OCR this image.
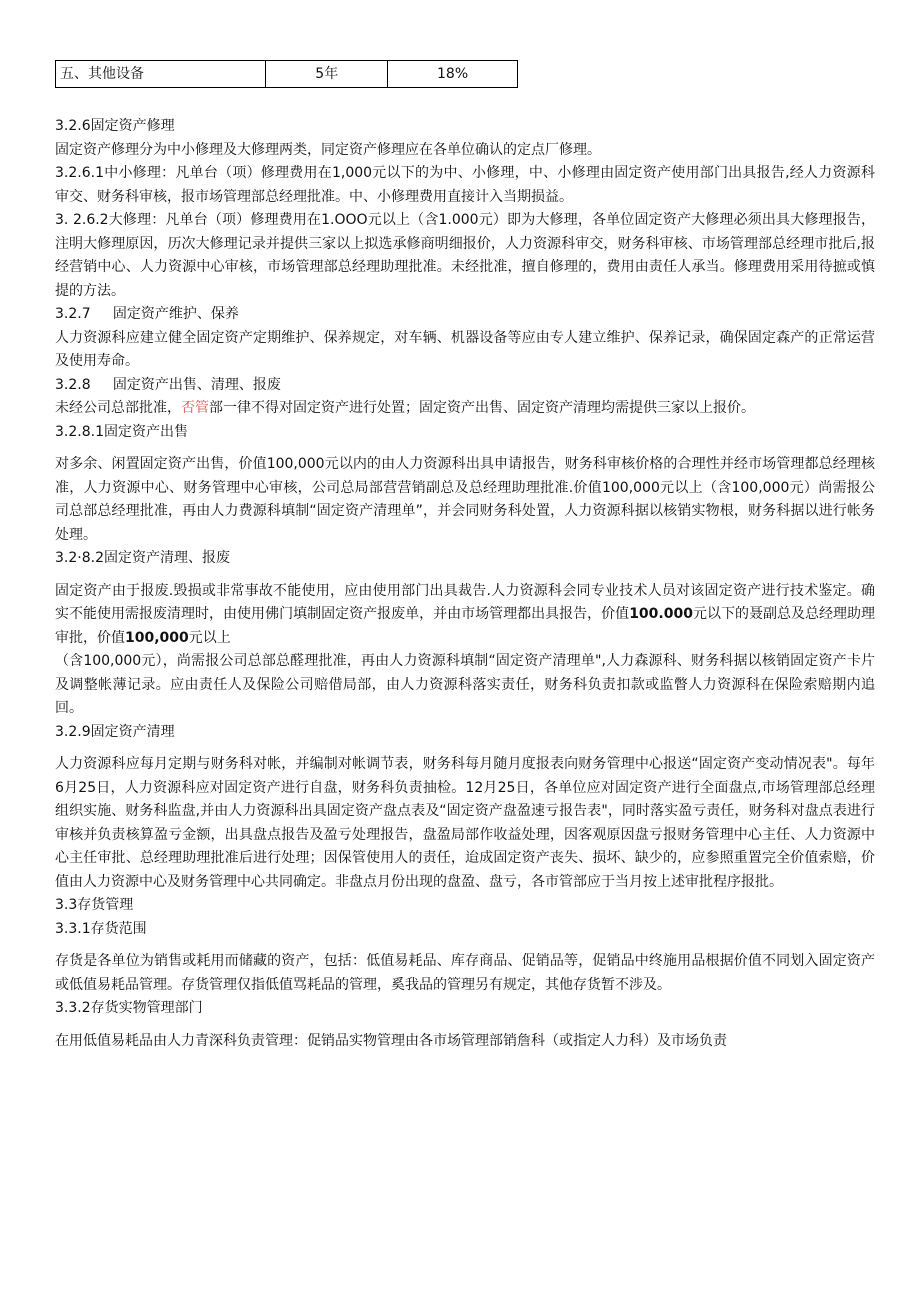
五、其他设备	5年	18%

3.2.6固定资产修理

固定资产修理分为中小修理及大修理两类，同定资产修理应在各单位确认的定点厂修理。

3.2.6.1中小修理：凡单台（项）修理费用在1,000元以下的为中、小修理，中、小修理由固定资产使用部门出具报告,经人力资源科审交、财务科审核，报市场管理部总经理批准。中、小修理费用直接计入当期损益。

3. 2.6.2大修理：凡单台（项）修理费用在1.OOO元以上（含1.000元）即为大修理，各单位固定资产大修理必须出具大修理报告，注明大修理原因，历次大修理记录并提供三家以上拟选承修商明细报价，人力资源科审交，财务科审核、市场管理部总经理市批后,报经营销中心、人力资源中心审核，市场管理部总经理助理批准。未经批准，擅自修理的，费用由责任人承当。修理费用采用待摭或慎提的方法。

3.2.7     固定资产维护、保养

人力资源科应建立健全固定资产定期维护、保养规定，对车辆、机器设备等应由专人建立维护、保养记录，确保固定森产的正常运营及使用寿命。

3.2.8     固定资产出售、清理、报废

未经公司总部批准，否管部一律不得对固定资产进行处置；固定资产出售、固定资产清理均需提供三家以上报价。

3.2.8.1固定资产出售

对多余、闲置固定资产出售，价值100,000元以内的由人力资源科出具申请报告，财务科审核价格的合理性并经市场管理都总经理核准，人力资源中心、财务管理中心审核，公司总局部营营销副总及总经理助理批准.价值100,000元以上（含100,000元）尚需报公司总部总经理批准，再由人力费源科填制“固定资产清理单”，并会同财务科处置，人力资源科据以核销实物根，财务科据以进行帐务处理。

3.2·8.2固定资产清理、报废

固定资产由于报废.毁损或非常事故不能使用，应由使用部门出具裁告.人力资源科会同专业技术人员对该固定资产进行技术鉴定。确实不能使用需报废清理时，由使用佛门填制固定资产报废单，并由市场管理都出具报告，价值100.000元以下的聂副总及总经理助理审批，价值100,000元以上

（含100,000元），尚需报公司总部总醛理批准，再由人力资源科填制“固定资产清理单",人力森源科、财务科据以核销固定资产卡片及调整帐薄记录。应由责任人及保险公司赔借局部，由人力资源科落实责任，财务科负责扣款或监瞥人力资源科在保险索赔期内追回。

3.2.9固定资产清理

人力资源科应每月定期与财务科对帐，并编制对帐调节表，财务科每月随月度报表向财务管理中心报送“固定资产变动情况表"。每年6月25日，人力资源科应对固定资产进行自盘，财务科负责抽检。12月25日，各单位应对固定资产进行全面盘点,市场管理部总经理组织实施、财务科监盘,并由人力资源科出具固定资产盘点表及“固定资产盘盈速亏报告表"，同时落实盈亏责任，财务科对盘点表进行审核并负责核算盈亏金额，出具盘点报告及盈亏处理报告，盘盈局部作收益处理，因客观原因盘亏报财务管理中心主任、人力资源中心主任审批、总经理助理批准后进行处理；因保管使用人的责任，迨成固定资产丧失、损坏、缺少的，应参照重置完全价值索赔，价值由人力资源中心及财务管理中心共同确定。非盘点月份出现的盘盈、盘亏，各市管部应于当月按上述审批程序报批。

3.3存货管理

3.3.1存货范围

存货是各单位为销售或耗用而储藏的资产，包括：低值易耗品、库存商品、促销品等，促销品中终施用品根据价值不同划入固定资产或低值易耗品管理。存货管理仅指低值骂耗品的管理，奚我品的管理另有规定，其他存货暂不涉及。

3.3.2存货实物管理部门

在用低值易耗品由人力青深科负责管理：促销品实物管理由各市场管理部销詹科（或指定人力科）及市场负责
